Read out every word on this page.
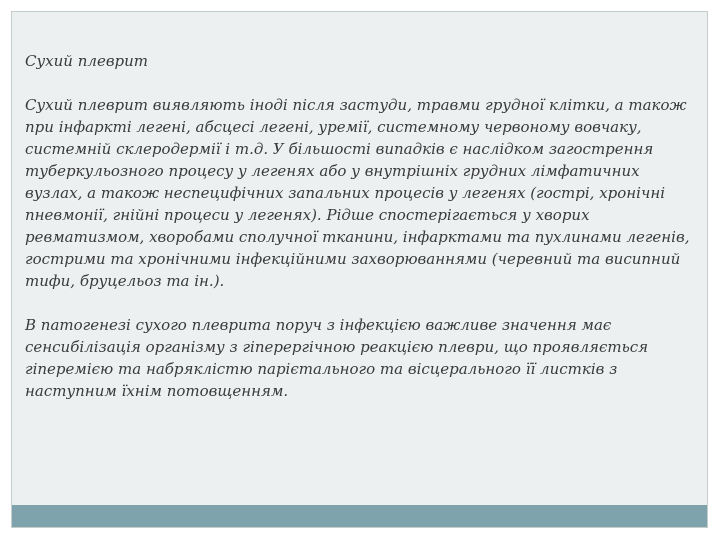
Сухий плеврит

Сухий плеврит виявляють іноді після застуди, травми грудної клітки, а також при інфаркті легені, абсцесі легені, уремії, системному червоному вовчаку, системній склеродермії і т.д. У більшості випадків є наслідком загострення туберкульозного процесу у легенях або у внутрішніх грудних лімфатичних вузлах, а також неспецифічних запальних процесів у легенях (гострі, хронічні пневмонії, гнійні процеси у легенях). Рідше спостерігається у хворих ревматизмом, хворобами сполучної тканини, інфарктами та пухлинами легенів, гострими та хронічними інфекційними захворюваннями (черевний та висипний тифи, бруцельоз та ін.).

В патогенезі сухого плеврита поруч з інфекцією важливе значення має сенсибілізація організму з гіперергічною реакцією плеври, що проявляється гіперемією та набряклістю парієтального та вісцерального її листків з наступним їхнім потовщенням.
